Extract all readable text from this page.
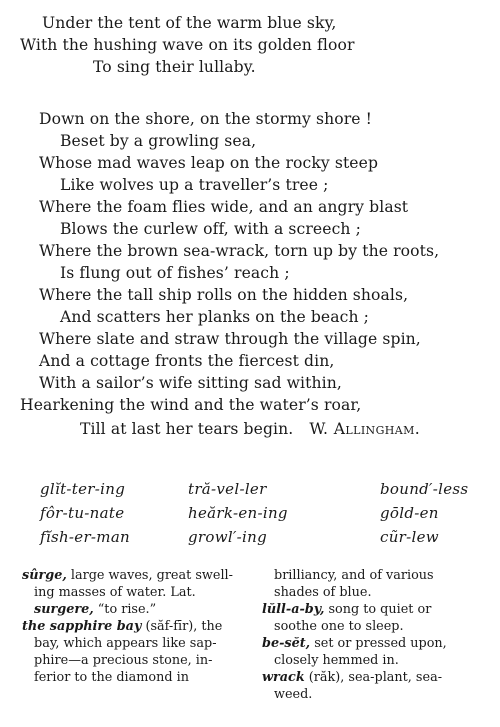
Under the tent of the warm blue sky,
With the hushing wave on its golden floor
To sing their lullaby.
Down on the shore, on the stormy shore !
Beset by a growling sea,
Whose mad waves leap on the rocky steep
Like wolves up a traveller’s tree ;
Where the foam flies wide, and an angry blast
Blows the curlew off, with a screech ;
Where the brown sea-wrack, torn up by the roots,
Is flung out of fishes’ reach ;
Where the tall ship rolls on the hidden shoals,
And scatters her planks on the beach ;
Where slate and straw through the village spin,
And a cottage fronts the fiercest din,
With a sailor’s wife sitting sad within,
Hearkening the wind and the water’s roar,
Till at last her tears begin. W. Allingham.
glĭt-ter-ing	tră-vel-ler	bound′-less
fôr-tu-nate	heărk-en-ing	gōld-en
fĭsh-er-man	growl′-ing	cũr-lew

sûrge, large waves, great swell-

ing masses of water. Lat.

surgere, “to rise.”

the sapphire bay (săf-fīr), the

bay, which appears like sap-

phire—a precious stone, in-

ferior to the diamond in

brilliancy, and of various

shades of blue.

lŭll-a-by, song to quiet or

soothe one to sleep.

be-sĕt, set or pressed upon,

closely hemmed in.

wrack (răk), sea-plant, sea-

weed.
